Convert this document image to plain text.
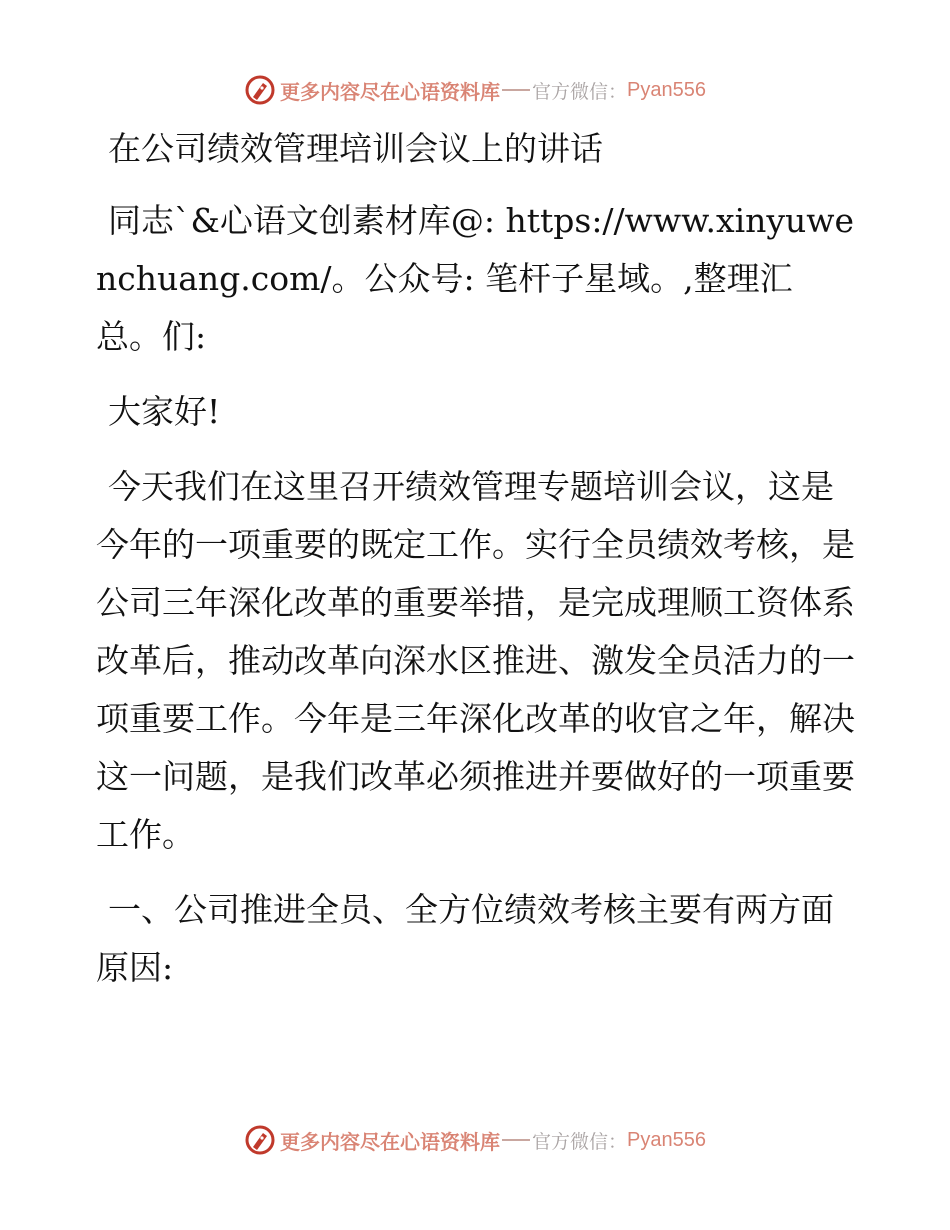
更多内容尽在心语资料库 官方微信： Pyan556

在公司绩效管理培训会议上的讲话

同志`&心语文创素材库@: https://www.xinyuwenchuang.com/。公众号: 笔杆子星域。,整理汇总。们:

大家好!

今天我们在这里召开绩效管理专题培训会议，这是今年的一项重要的既定工作。实行全员绩效考核，是公司三年深化改革的重要举措，是完成理顺工资体系改革后，推动改革向深水区推进、激发全员活力的一项重要工作。今年是三年深化改革的收官之年，解决这一问题，是我们改革必须推进并要做好的一项重要工作。

一、公司推进全员、全方位绩效考核主要有两方面原因:

更多内容尽在心语资料库 官方微信： Pyan556
